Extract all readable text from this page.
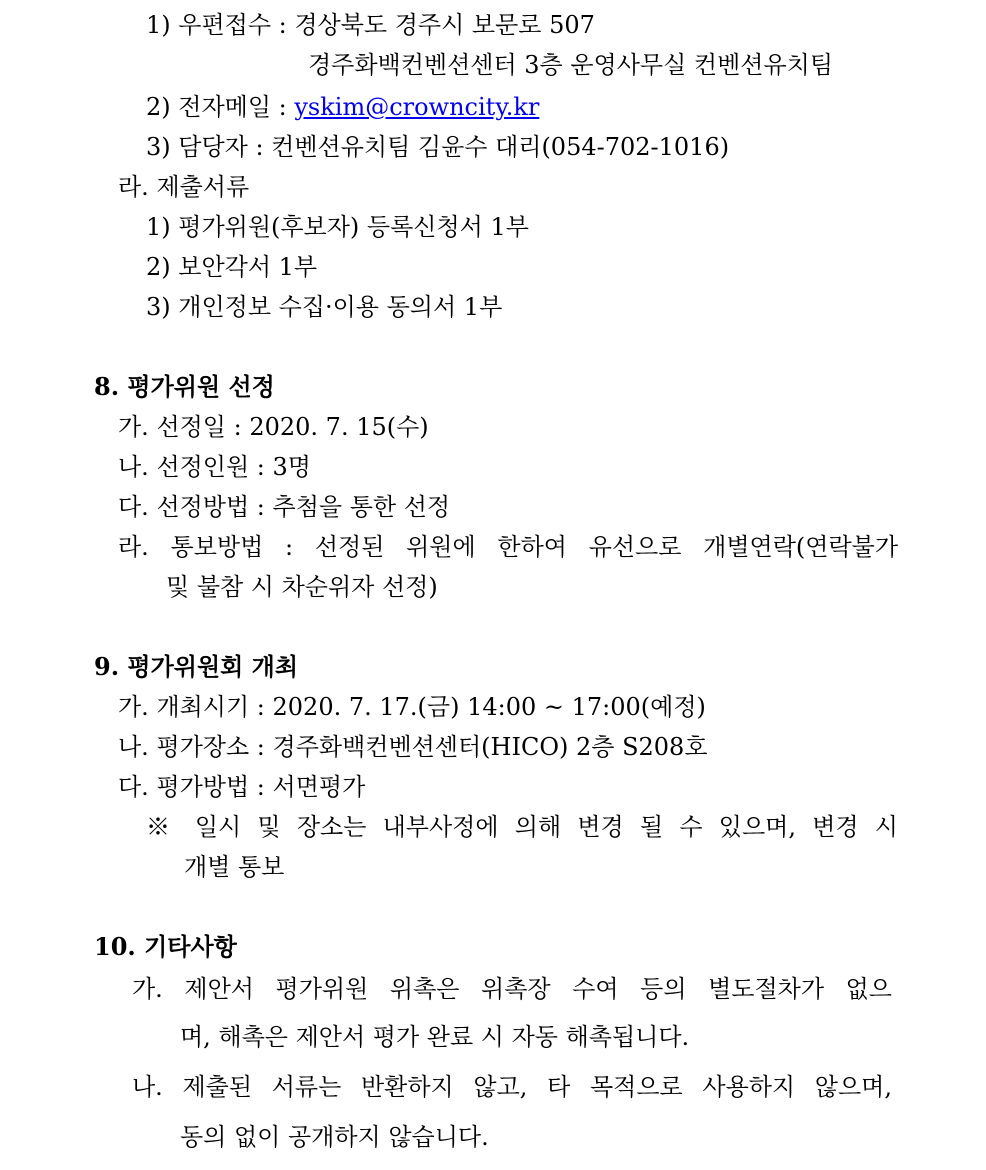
1) 우편접수 : 경상북도 경주시 보문로 507
경주화백컨벤션센터 3층 운영사무실 컨벤션유치팀
2) 전자메일 : yskim@crowncity.kr
3) 담당자 : 컨벤션유치팀 김윤수 대리(054-702-1016)
라. 제출서류
1) 평가위원(후보자) 등록신청서 1부
2) 보안각서 1부
3) 개인정보 수집·이용 동의서 1부
8. 평가위원 선정
가. 선정일 : 2020. 7. 15(수)
나. 선정인원 : 3명
다. 선정방법 : 추첨을 통한 선정
라. 통보방법 : 선정된 위원에 한하여 유선으로 개별연락(연락불가
및 불참 시 차순위자 선정)
9. 평가위원회 개최
가. 개최시기 : 2020. 7. 17.(금) 14:00 ~ 17:00(예정)
나. 평가장소 : 경주화백컨벤션센터(HICO) 2층 S208호
다. 평가방법 : 서면평가
※ 일시 및 장소는 내부사정에 의해 변경 될 수 있으며, 변경 시
개별 통보
10. 기타사항
가. 제안서 평가위원 위촉은 위촉장 수여 등의 별도절차가 없으
며, 해촉은 제안서 평가 완료 시 자동 해촉됩니다.
나. 제출된 서류는 반환하지 않고, 타 목적으로 사용하지 않으며,
동의 없이 공개하지 않습니다.
